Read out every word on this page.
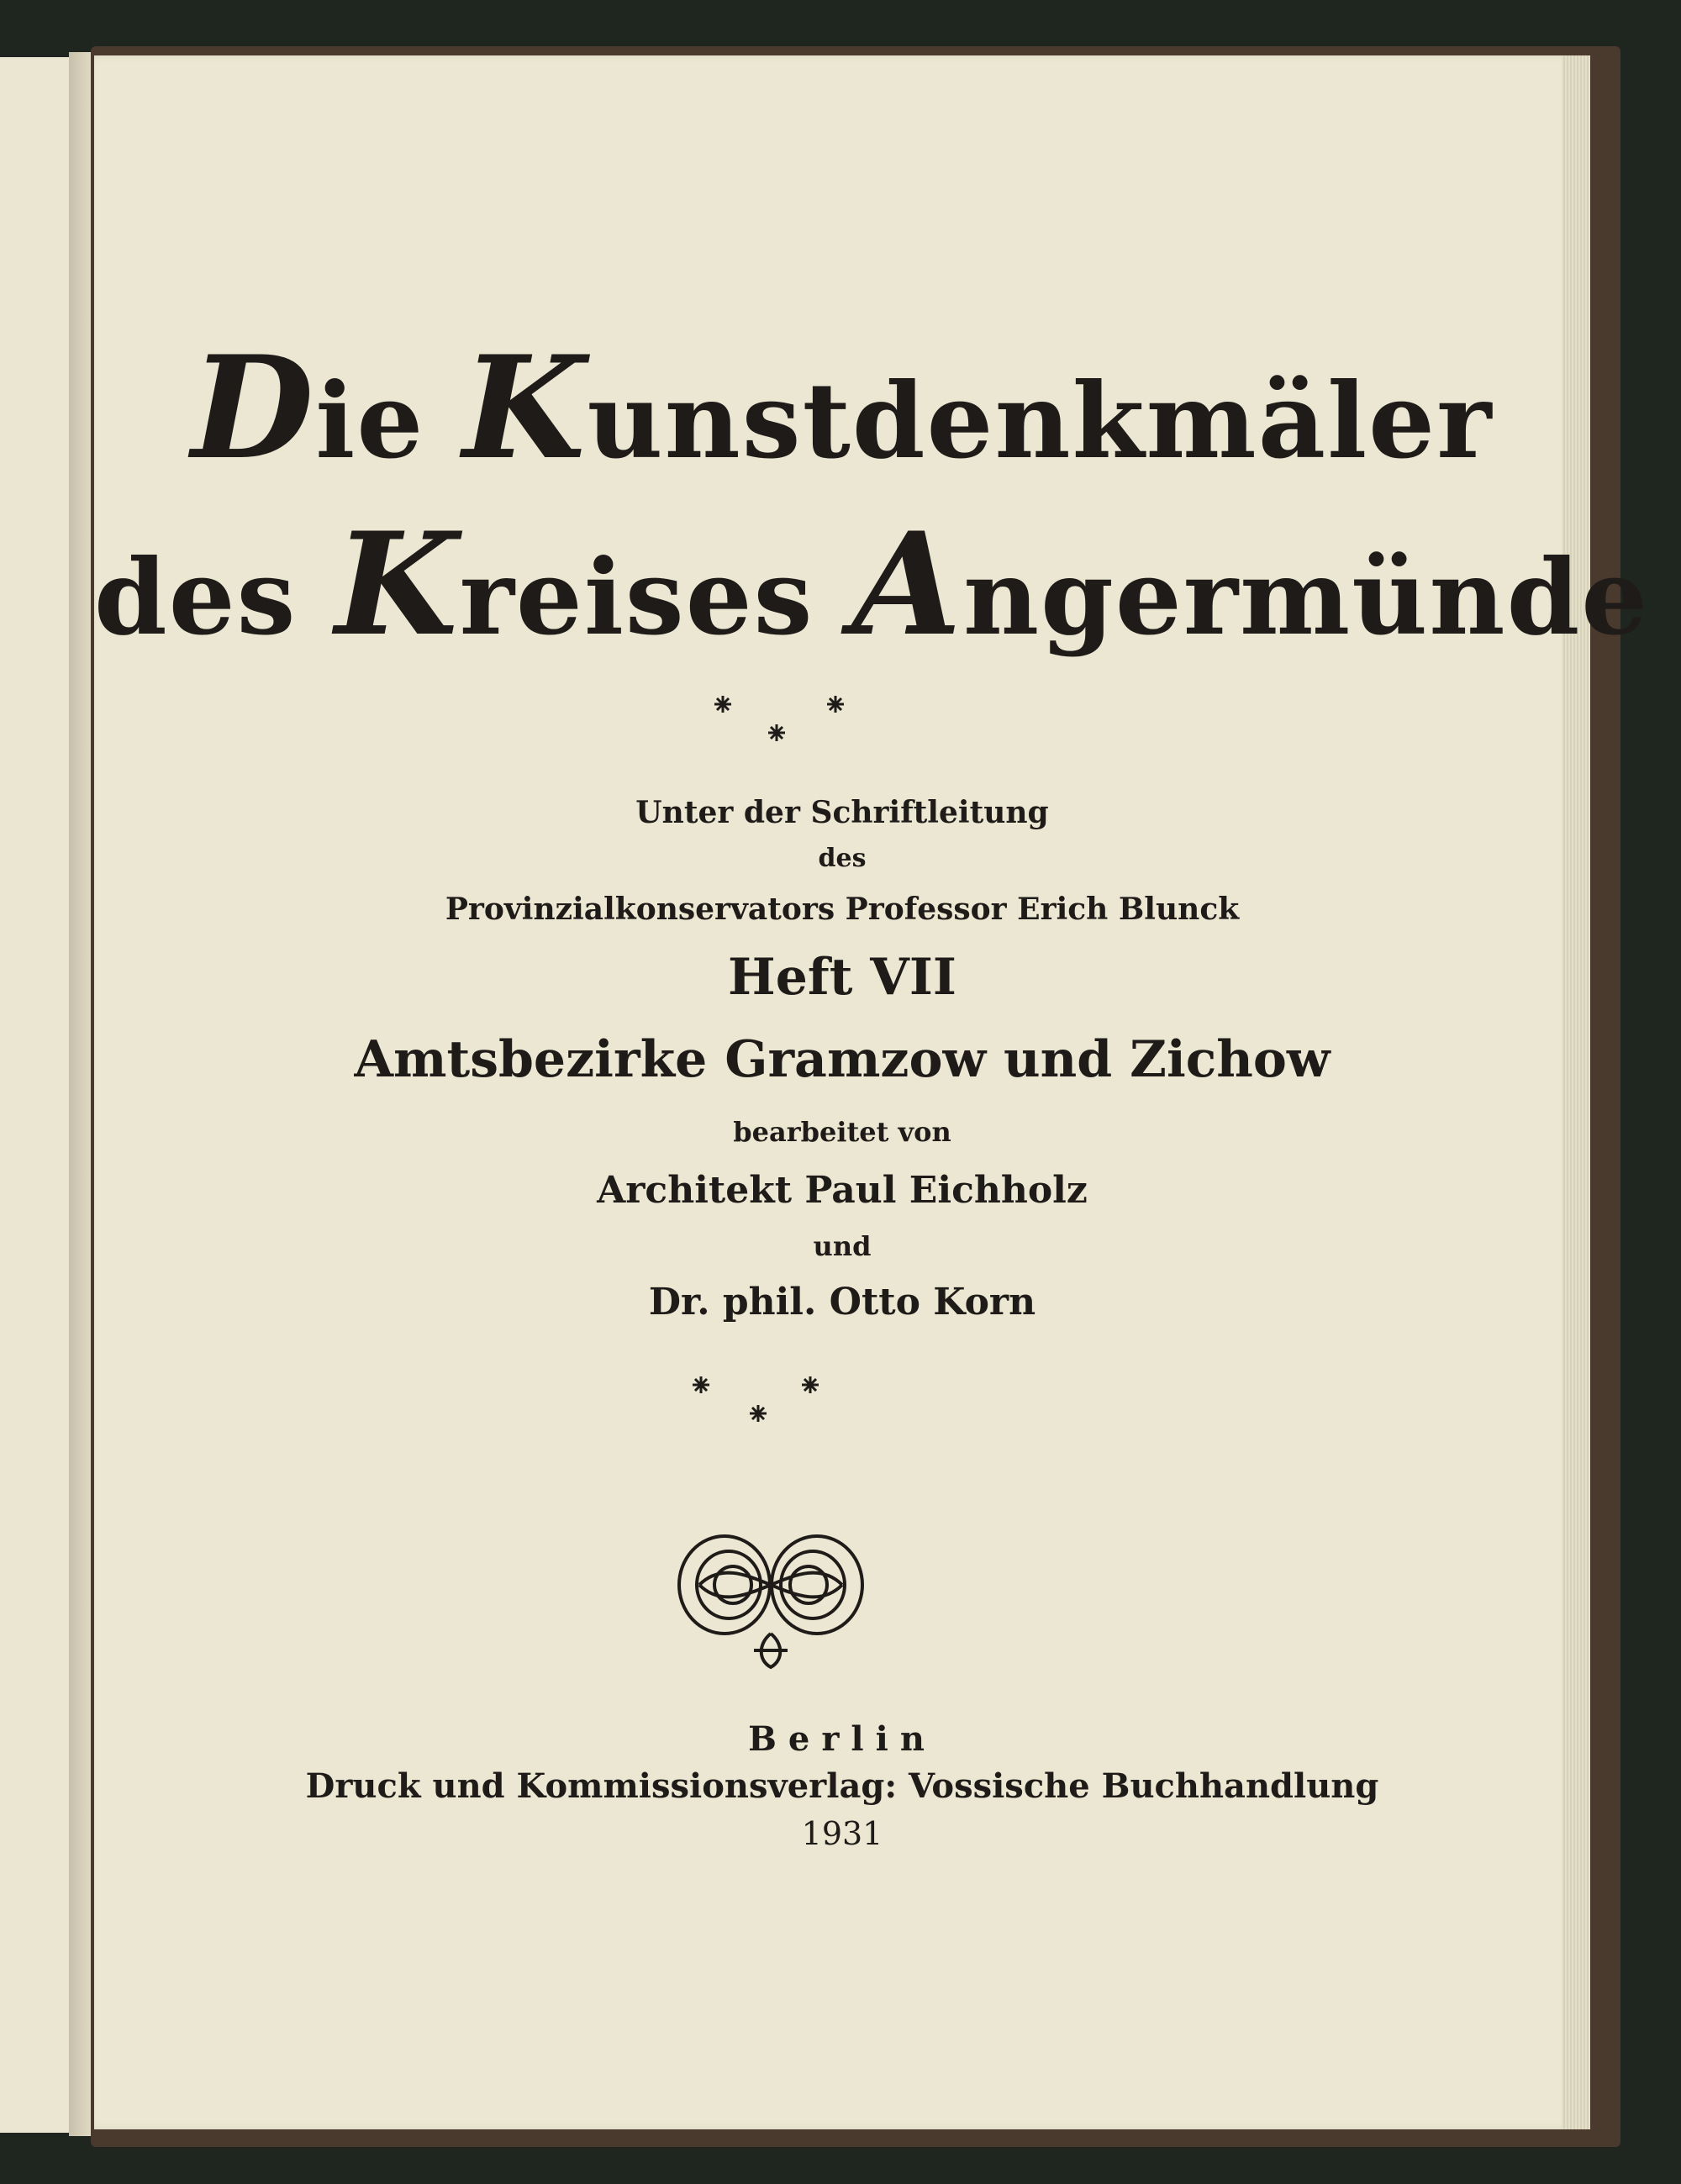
Die Kunstdenkmäler
des Kreises Angermünde
Unter der Schriftleitung
des
Provinzialkonservators Professor Erich Blunck
Heft VII
Amtsbezirke Gramzow und Zichow
bearbeitet von
Architekt Paul Eichholz
und
Dr. phil. Otto Korn
Berlin
Druck und Kommissionsverlag: Vossische Buchhandlung
1931
